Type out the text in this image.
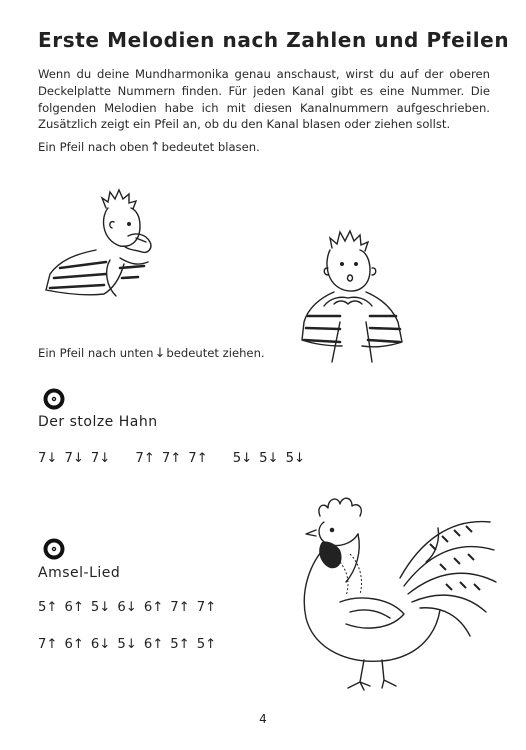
Erste Melodien nach Zahlen und Pfeilen
Wenn du deine Mundharmonika genau anschaust, wirst du auf der oberen Deckelplatte Nummern finden. Für jeden Kanal gibt es eine Nummer. Die folgenden Melodien habe ich mit diesen Kanalnummern aufgeschrieben. Zusätzlich zeigt ein Pfeil an, ob du den Kanal blasen oder ziehen sollst.
Ein Pfeil nach oben↑bedeutet blasen.
Ein Pfeil nach unten↓bedeutet ziehen.
Der stolze Hahn
7↓ 7↓ 7↓ 7↑ 7↑ 7↑ 5↓ 5↓ 5↓
Amsel-Lied
5↑ 6↑ 5↓ 6↓ 6↑ 7↑ 7↑
7↑ 6↑ 6↓ 5↓ 6↑ 5↑ 5↑
4
